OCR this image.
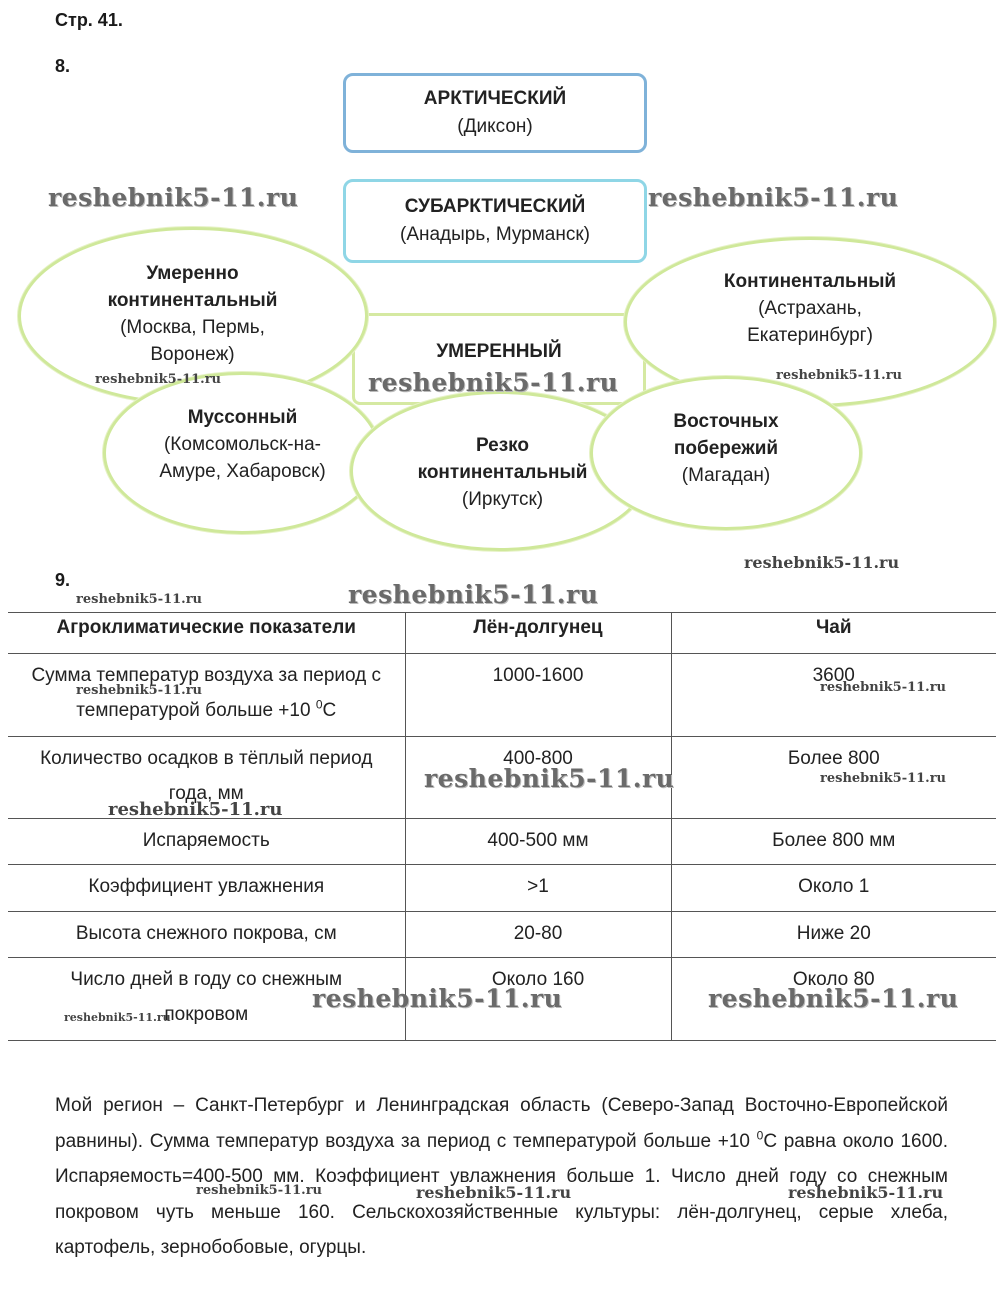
Стр. 41.
8.
АРКТИЧЕСКИЙ
(Диксон)
СУБАРКТИЧЕСКИЙ
(Анадырь, Мурманск)
УМЕРЕННЫЙ
Умеренно
континентальный
(Москва, Пермь,
Воронеж)
Континентальный
(Астрахань,
Екатеринбург)
Муссонный
(Комсомольск-на-
Амуре, Хабаровск)
Резко
континентальный
(Иркутск)
Восточных
побережий
(Магадан)
9.
Агроклиматические показатели	Лён-долгунец	Чай

Сумма температур воздуха за период с
температурой больше +10 $^0$С	1000-1600	3600

Количество осадков в тёплый период
года, мм	400-800	Более 800
Испаряемость	400-500 мм	Более 800 мм
Коэффициент увлажнения	>1	Около 1
Высота снежного покрова, см	20-80	Ниже 20

Число дней в году со снежным
покровом	Около 160	Около 80
Мой регион – Санкт-Петербург и Ленинградская область (Северо-Запад Восточно-Европейской равнины). Сумма температур воздуха за период с температурой больше +10 $^0$С равна около 1600. Испаряемость=400-500 мм. Коэффициент увлажнения больше 1. Число дней году со снежным покровом чуть меньше 160. Сельскохозяйственные культуры: лён-долгунец, серые хлеба, картофель, зернобобовые, огурцы.
reshebnik5-11.ru	reshebnik5-11.ru
reshebnik5-11.ru	reshebnik5-11.ru	reshebnik5-11.ru
reshebnik5-11.ru
reshebnik5-11.ru	reshebnik5-11.ru
reshebnik5-11.ru	reshebnik5-11.ru
reshebnik5-11.ru	reshebnik5-11.ru
reshebnik5-11.ru
reshebnik5-11.ru	reshebnik5-11.ru
reshebnik5-11.ru
reshebnik5-11.ru	reshebnik5-11.ru	reshebnik5-11.ru
